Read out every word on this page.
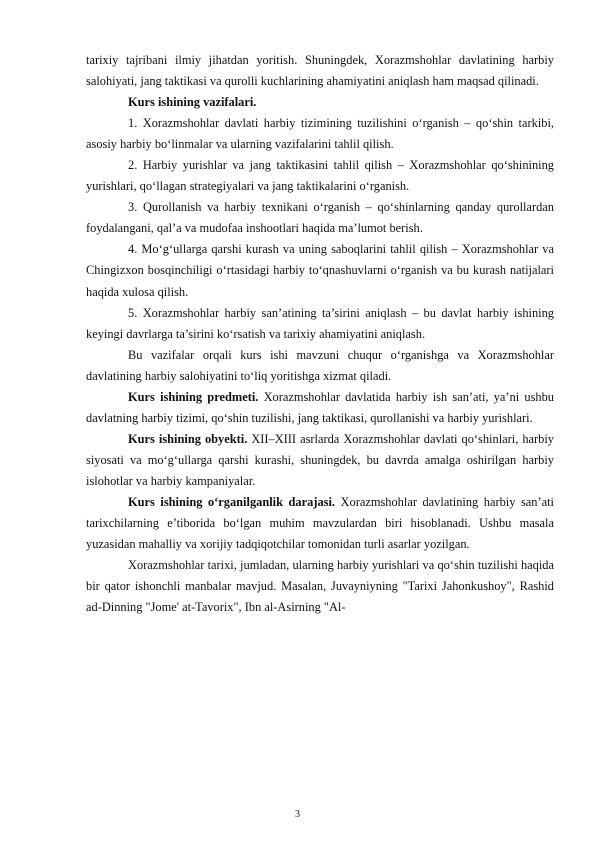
tarixiy tajribani ilmiy jihatdan yoritish. Shuningdek, Xorazmshohlar davlatining harbiy salohiyati, jang taktikasi va qurolli kuchlarining ahamiyatini aniqlash ham maqsad qilinadi.

Kurs ishining vazifalari.

1. Xorazmshohlar davlati harbiy tizimining tuzilishini o‘rganish – qo‘shin tarkibi, asosiy harbiy bo‘linmalar va ularning vazifalarini tahlil qilish.

2. Harbiy yurishlar va jang taktikasini tahlil qilish – Xorazmshohlar qo‘shinining yurishlari, qo‘llagan strategiyalari va jang taktikalarini o‘rganish.

3. Qurollanish va harbiy texnikani o‘rganish – qo‘shinlarning qanday qurollardan foydalangani, qal’a va mudofaa inshootlari haqida ma’lumot berish.

4. Mo‘g‘ullarga qarshi kurash va uning saboqlarini tahlil qilish – Xorazmshohlar va Chingizxon bosqinchiligi o‘rtasidagi harbiy to‘qnashuvlarni o‘rganish va bu kurash natijalari haqida xulosa qilish.

5. Xorazmshohlar harbiy san’atining ta’sirini aniqlash – bu davlat harbiy ishining keyingi davrlarga ta’sirini ko‘rsatish va tarixiy ahamiyatini aniqlash.

Bu vazifalar orqali kurs ishi mavzuni chuqur o‘rganishga va Xorazmshohlar davlatining harbiy salohiyatini to‘liq yoritishga xizmat qiladi.

Kurs ishining predmeti. Xorazmshohlar davlatida harbiy ish san’ati, ya’ni ushbu davlatning harbiy tizimi, qo‘shin tuzilishi, jang taktikasi, qurollanishi va harbiy yurishlari.

Kurs ishining obyekti. XII–XIII asrlarda Xorazmshohlar davlati qo‘shinlari, harbiy siyosati va mo‘g‘ullarga qarshi kurashi, shuningdek, bu davrda amalga oshirilgan harbiy islohotlar va harbiy kampaniyalar.

Kurs ishining o‘rganilganlik darajasi. Xorazmshohlar davlatining harbiy san’ati tarixchilarning e’tiborida bo‘lgan muhim mavzulardan biri hisoblanadi. Ushbu masala yuzasidan mahalliy va xorijiy tadqiqotchilar tomonidan turli asarlar yozilgan.

Xorazmshohlar tarixi, jumladan, ularning harbiy yurishlari va qo‘shin tuzilishi haqida bir qator ishonchli manbalar mavjud. Masalan, Juvayniyning "Tarixi Jahonkushoy", Rashid ad-Dinning "Jome' at-Tavorix", Ibn al-Asirning "Al-

3
